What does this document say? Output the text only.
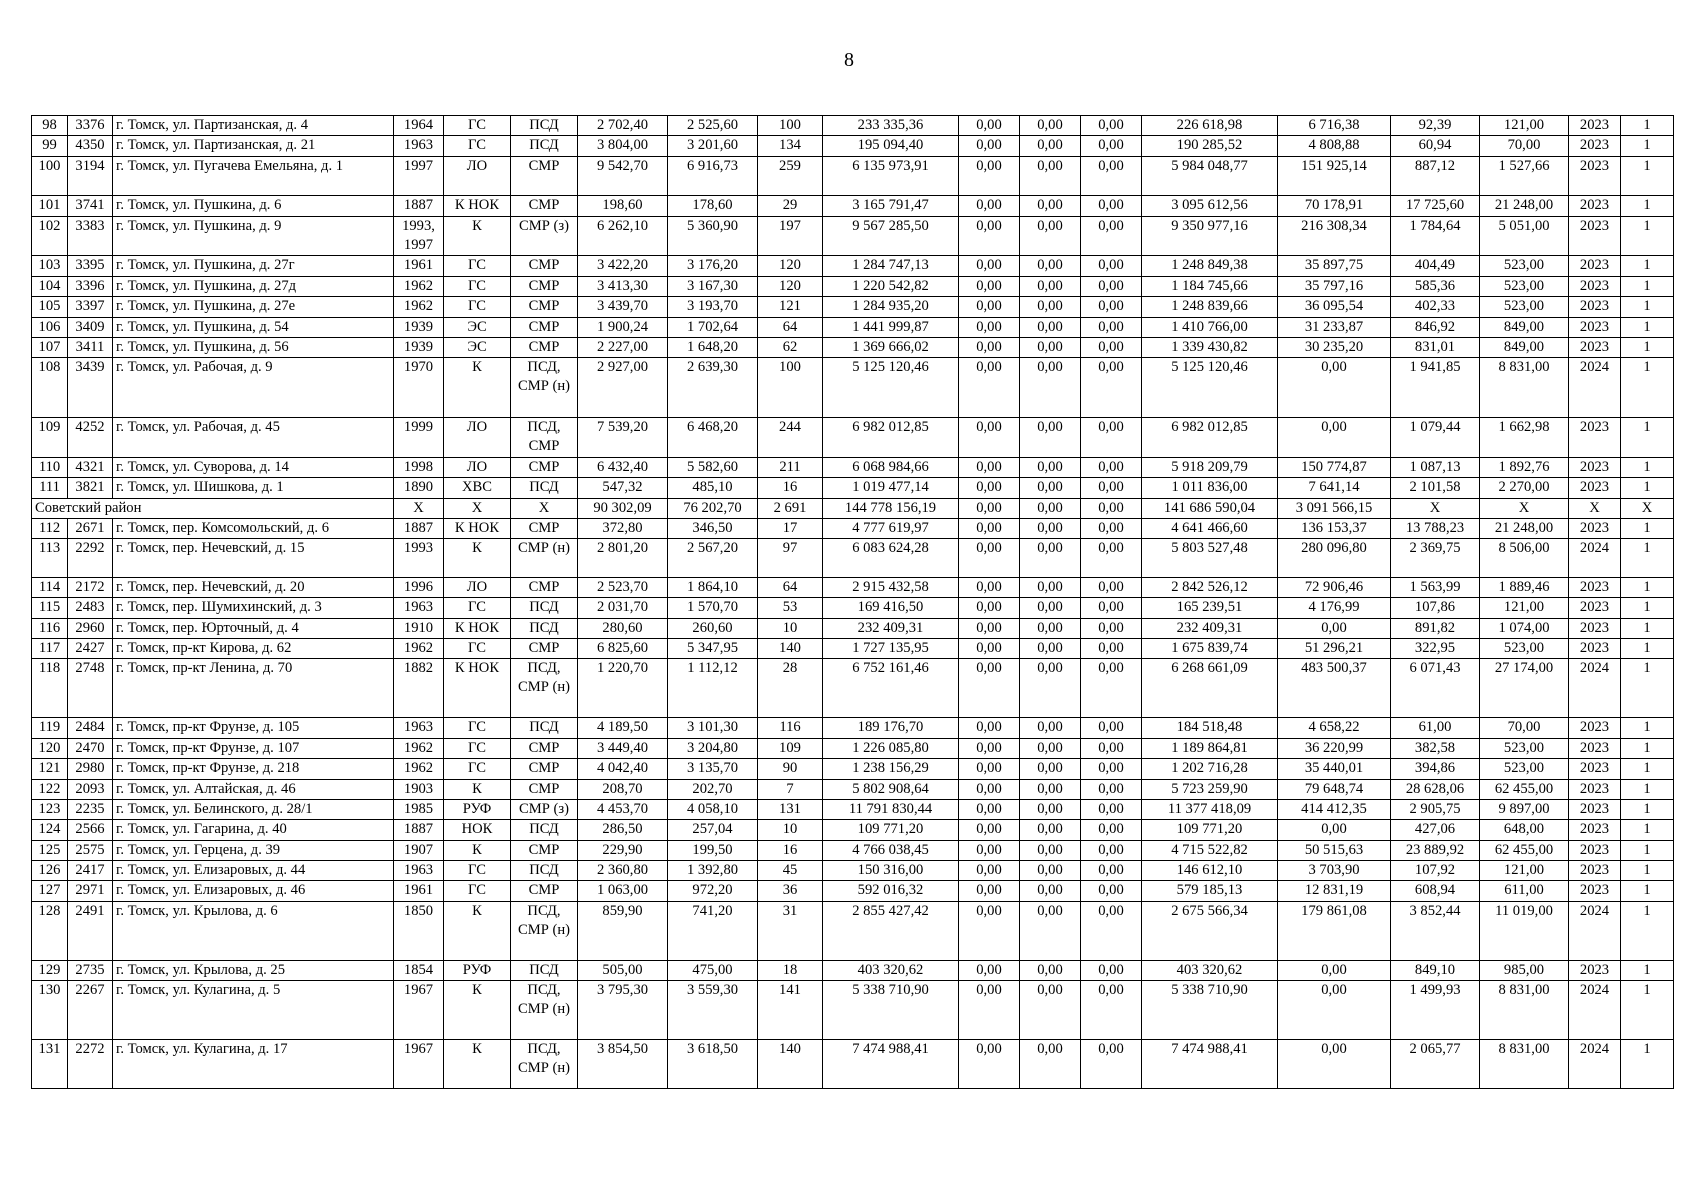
8
98	3376	г. Томск, ул. Партизанская, д. 4	1964	ГС	ПСД	2 702,40	2 525,60	100	233 335,36	0,00	0,00	0,00	226 618,98	6 716,38	92,39	121,00	2023	1
99	4350	г. Томск, ул. Партизанская, д. 21	1963	ГС	ПСД	3 804,00	3 201,60	134	195 094,40	0,00	0,00	0,00	190 285,52	4 808,88	60,94	70,00	2023	1
100	3194	г. Томск, ул. Пугачева Емельяна, д. 1	1997	ЛО	СМР	9 542,70	6 916,73	259	6 135 973,91	0,00	0,00	0,00	5 984 048,77	151 925,14	887,12	1 527,66	2023	1
101	3741	г. Томск, ул. Пушкина, д. 6	1887	К НОК	СМР	198,60	178,60	29	3 165 791,47	0,00	0,00	0,00	3 095 612,56	70 178,91	17 725,60	21 248,00	2023	1
102	3383	г. Томск, ул. Пушкина, д. 9	1993, 1997	К	СМР (з)	6 262,10	5 360,90	197	9 567 285,50	0,00	0,00	0,00	9 350 977,16	216 308,34	1 784,64	5 051,00	2023	1
103	3395	г. Томск, ул. Пушкина, д. 27г	1961	ГС	СМР	3 422,20	3 176,20	120	1 284 747,13	0,00	0,00	0,00	1 248 849,38	35 897,75	404,49	523,00	2023	1
104	3396	г. Томск, ул. Пушкина, д. 27д	1962	ГС	СМР	3 413,30	3 167,30	120	1 220 542,82	0,00	0,00	0,00	1 184 745,66	35 797,16	585,36	523,00	2023	1
105	3397	г. Томск, ул. Пушкина, д. 27е	1962	ГС	СМР	3 439,70	3 193,70	121	1 284 935,20	0,00	0,00	0,00	1 248 839,66	36 095,54	402,33	523,00	2023	1
106	3409	г. Томск, ул. Пушкина, д. 54	1939	ЭС	СМР	1 900,24	1 702,64	64	1 441 999,87	0,00	0,00	0,00	1 410 766,00	31 233,87	846,92	849,00	2023	1
107	3411	г. Томск, ул. Пушкина, д. 56	1939	ЭС	СМР	2 227,00	1 648,20	62	1 369 666,02	0,00	0,00	0,00	1 339 430,82	30 235,20	831,01	849,00	2023	1
108	3439	г. Томск, ул. Рабочая, д. 9	1970	К	ПСД, СМР (н)	2 927,00	2 639,30	100	5 125 120,46	0,00	0,00	0,00	5 125 120,46	0,00	1 941,85	8 831,00	2024	1
109	4252	г. Томск, ул. Рабочая, д. 45	1999	ЛО	ПСД, СМР	7 539,20	6 468,20	244	6 982 012,85	0,00	0,00	0,00	6 982 012,85	0,00	1 079,44	1 662,98	2023	1
110	4321	г. Томск, ул. Суворова, д. 14	1998	ЛО	СМР	6 432,40	5 582,60	211	6 068 984,66	0,00	0,00	0,00	5 918 209,79	150 774,87	1 087,13	1 892,76	2023	1
111	3821	г. Томск, ул. Шишкова, д. 1	1890	ХВС	ПСД	547,32	485,10	16	1 019 477,14	0,00	0,00	0,00	1 011 836,00	7 641,14	2 101,58	2 270,00	2023	1
Советский район			Х	Х	Х	90 302,09	76 202,70	2 691	144 778 156,19	0,00	0,00	0,00	141 686 590,04	3 091 566,15	Х	Х	Х	Х
112	2671	г. Томск, пер. Комсомольский, д. 6	1887	К НОК	СМР	372,80	346,50	17	4 777 619,97	0,00	0,00	0,00	4 641 466,60	136 153,37	13 788,23	21 248,00	2023	1
113	2292	г. Томск, пер. Нечевский, д. 15	1993	К	СМР (н)	2 801,20	2 567,20	97	6 083 624,28	0,00	0,00	0,00	5 803 527,48	280 096,80	2 369,75	8 506,00	2024	1
114	2172	г. Томск, пер. Нечевский, д. 20	1996	ЛО	СМР	2 523,70	1 864,10	64	2 915 432,58	0,00	0,00	0,00	2 842 526,12	72 906,46	1 563,99	1 889,46	2023	1
115	2483	г. Томск, пер. Шумихинский, д. 3	1963	ГС	ПСД	2 031,70	1 570,70	53	169 416,50	0,00	0,00	0,00	165 239,51	4 176,99	107,86	121,00	2023	1
116	2960	г. Томск, пер. Юрточный, д. 4	1910	К НОК	ПСД	280,60	260,60	10	232 409,31	0,00	0,00	0,00	232 409,31	0,00	891,82	1 074,00	2023	1
117	2427	г. Томск, пр-кт Кирова, д. 62	1962	ГС	СМР	6 825,60	5 347,95	140	1 727 135,95	0,00	0,00	0,00	1 675 839,74	51 296,21	322,95	523,00	2023	1
118	2748	г. Томск, пр-кт Ленина, д. 70	1882	К НОК	ПСД, СМР (н)	1 220,70	1 112,12	28	6 752 161,46	0,00	0,00	0,00	6 268 661,09	483 500,37	6 071,43	27 174,00	2024	1
119	2484	г. Томск, пр-кт Фрунзе, д. 105	1963	ГС	ПСД	4 189,50	3 101,30	116	189 176,70	0,00	0,00	0,00	184 518,48	4 658,22	61,00	70,00	2023	1
120	2470	г. Томск, пр-кт Фрунзе, д. 107	1962	ГС	СМР	3 449,40	3 204,80	109	1 226 085,80	0,00	0,00	0,00	1 189 864,81	36 220,99	382,58	523,00	2023	1
121	2980	г. Томск, пр-кт Фрунзе, д. 218	1962	ГС	СМР	4 042,40	3 135,70	90	1 238 156,29	0,00	0,00	0,00	1 202 716,28	35 440,01	394,86	523,00	2023	1
122	2093	г. Томск, ул. Алтайская, д. 46	1903	К	СМР	208,70	202,70	7	5 802 908,64	0,00	0,00	0,00	5 723 259,90	79 648,74	28 628,06	62 455,00	2023	1
123	2235	г. Томск, ул. Белинского, д. 28/1	1985	РУФ	СМР (з)	4 453,70	4 058,10	131	11 791 830,44	0,00	0,00	0,00	11 377 418,09	414 412,35	2 905,75	9 897,00	2023	1
124	2566	г. Томск, ул. Гагарина, д. 40	1887	НОК	ПСД	286,50	257,04	10	109 771,20	0,00	0,00	0,00	109 771,20	0,00	427,06	648,00	2023	1
125	2575	г. Томск, ул. Герцена, д. 39	1907	К	СМР	229,90	199,50	16	4 766 038,45	0,00	0,00	0,00	4 715 522,82	50 515,63	23 889,92	62 455,00	2023	1
126	2417	г. Томск, ул. Елизаровых, д. 44	1963	ГС	ПСД	2 360,80	1 392,80	45	150 316,00	0,00	0,00	0,00	146 612,10	3 703,90	107,92	121,00	2023	1
127	2971	г. Томск, ул. Елизаровых, д. 46	1961	ГС	СМР	1 063,00	972,20	36	592 016,32	0,00	0,00	0,00	579 185,13	12 831,19	608,94	611,00	2023	1
128	2491	г. Томск, ул. Крылова, д. 6	1850	К	ПСД, СМР (н)	859,90	741,20	31	2 855 427,42	0,00	0,00	0,00	2 675 566,34	179 861,08	3 852,44	11 019,00	2024	1
129	2735	г. Томск, ул. Крылова, д. 25	1854	РУФ	ПСД	505,00	475,00	18	403 320,62	0,00	0,00	0,00	403 320,62	0,00	849,10	985,00	2023	1
130	2267	г. Томск, ул. Кулагина, д. 5	1967	К	ПСД, СМР (н)	3 795,30	3 559,30	141	5 338 710,90	0,00	0,00	0,00	5 338 710,90	0,00	1 499,93	8 831,00	2024	1
131	2272	г. Томск, ул. Кулагина, д. 17	1967	К	ПСД, СМР (н)	3 854,50	3 618,50	140	7 474 988,41	0,00	0,00	0,00	7 474 988,41	0,00	2 065,77	8 831,00	2024	1
